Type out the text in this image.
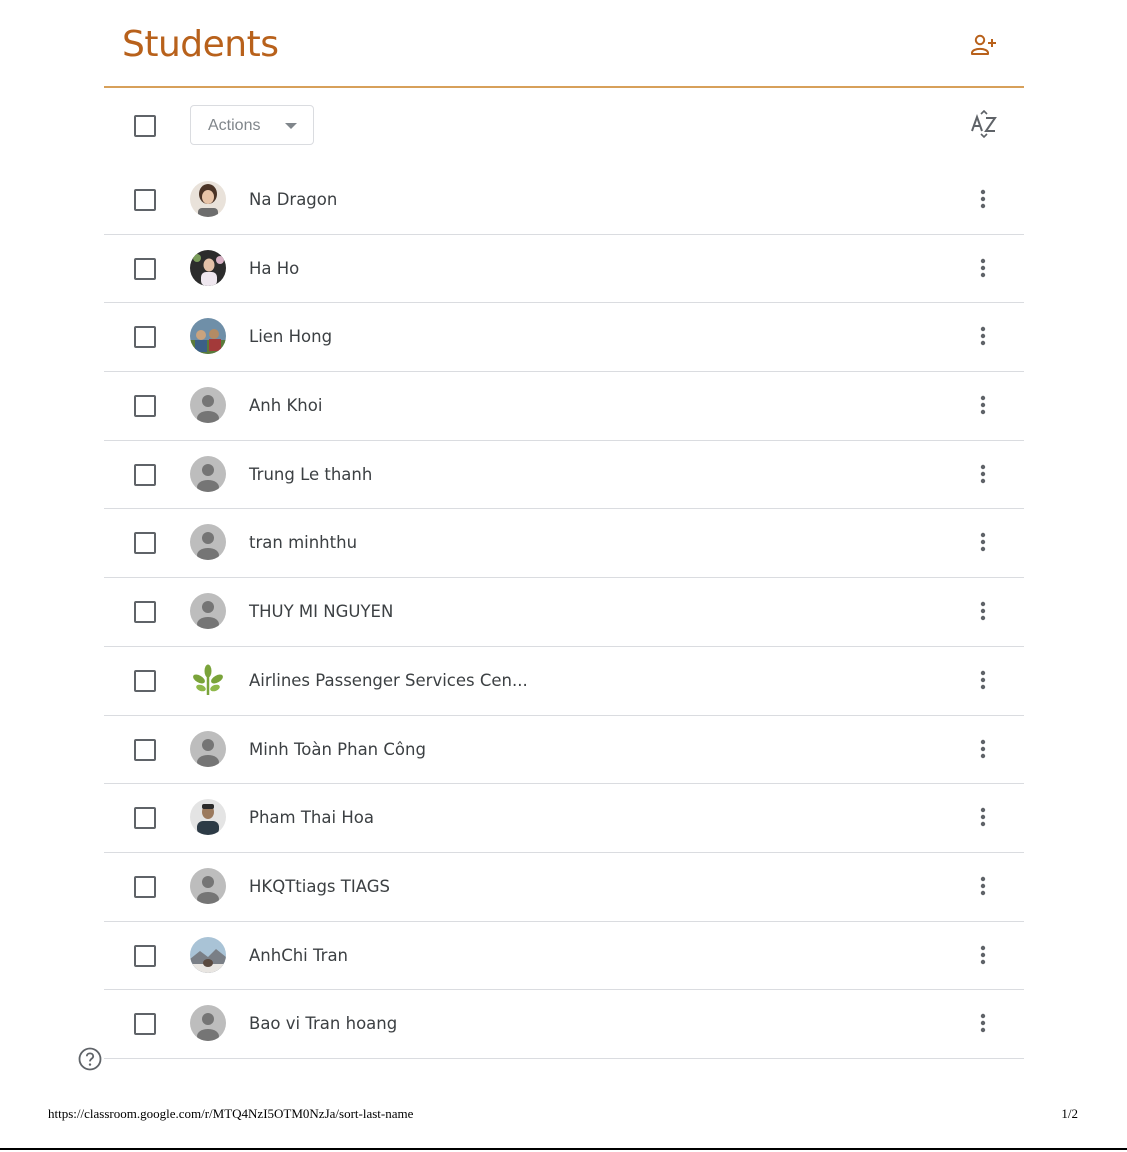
Students
Actions
Na Dragon
Ha Ho
Lien Hong
Anh Khoi
Trung Le thanh
tran minhthu
THUY MI NGUYEN
Airlines Passenger Services Cen...
Minh Toàn Phan Công
Pham Thai Hoa
HKQTtiags TIAGS
AnhChi Tran
Bao vi Tran hoang
https://classroom.google.com/r/MTQ4NzI5OTM0NzJa/sort-last-name	1/2
